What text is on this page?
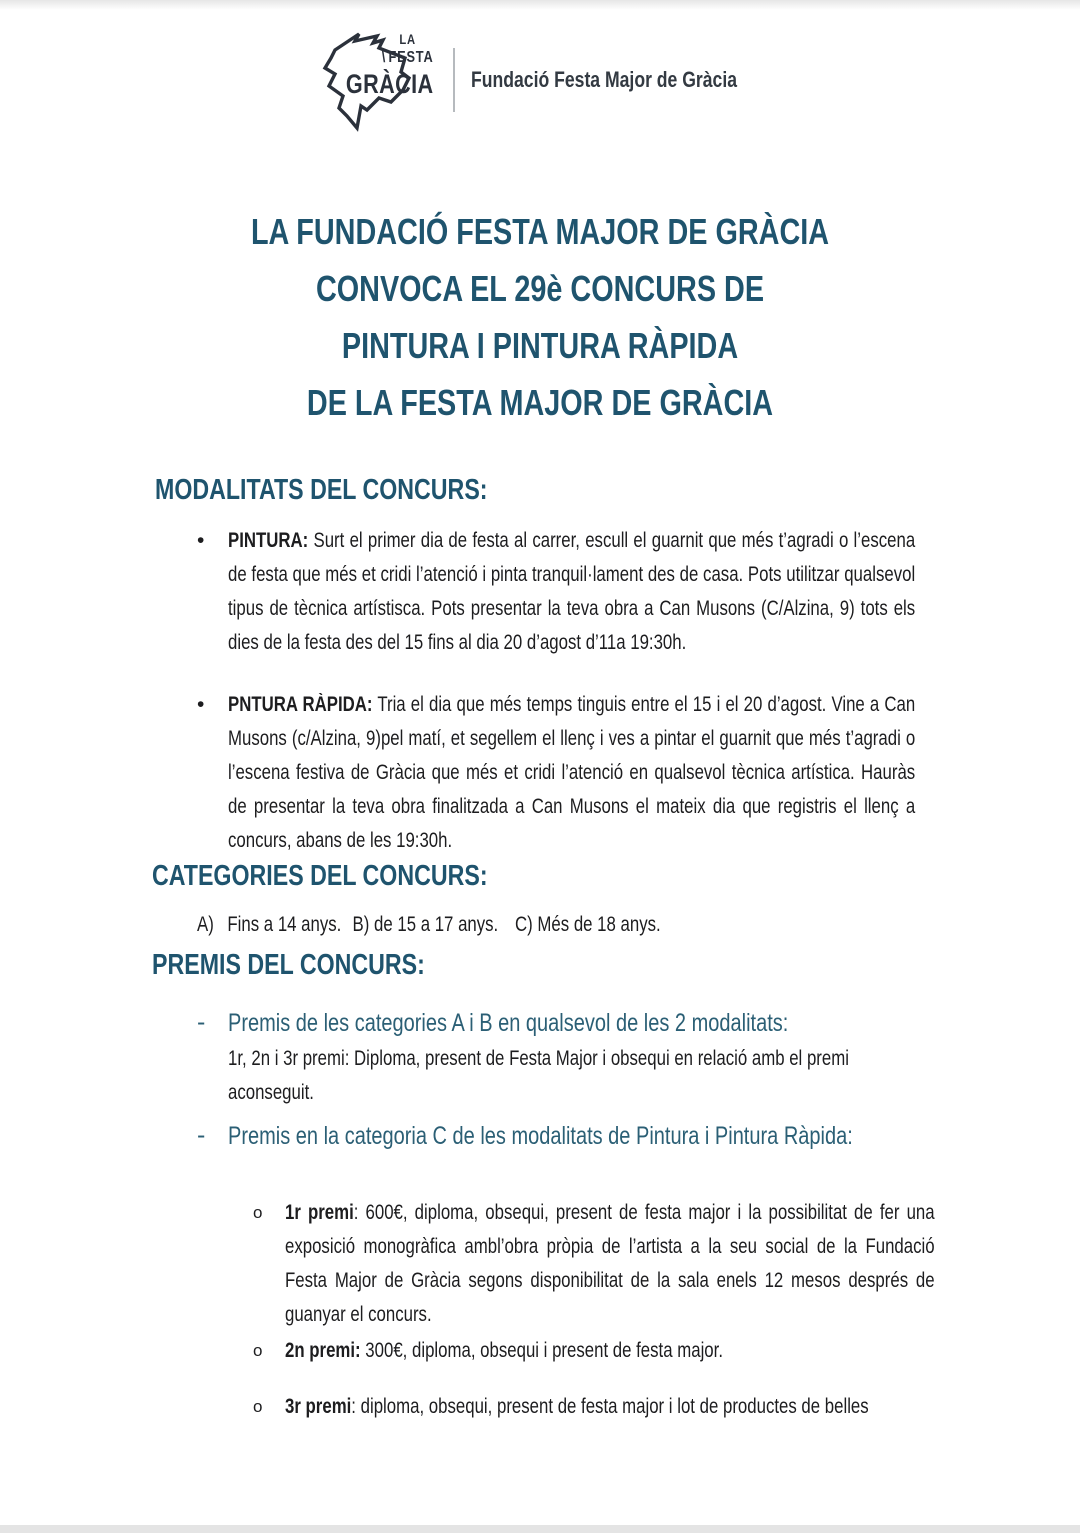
LA
\ FESTA
GRÀCIA Fundació Festa Major de Gràcia
LA FUNDACIÓ FESTA MAJOR DE GRÀCIA
CONVOCA EL 29è CONCURS DE
PINTURA I PINTURA RÀPIDA
DE LA FESTA MAJOR DE GRÀCIA
MODALITATS DEL CONCURS:
•	PINTURA: Surt el primer dia de festa al carrer, escull el guarnit que més t’agradi o l’escena de festa que més et cridi l’atenció i pinta tranquil·lament des de casa. Pots utilitzar qualsevol tipus de tècnica artístisca. Pots presentar la teva obra a Can Musons (C/Alzina, 9) tots els dies de la festa des del 15 fins al dia 20 d’agost d’11a 19:30h.
•	PNTURA RÀPIDA: Tria el dia que més temps tinguis entre el 15 i el 20 d’agost. Vine a Can Musons (c/Alzina, 9)pel matí, et segellem el llenç i ves a pintar el guarnit que més t’agradi o l’escena festiva de Gràcia que més et cridi l’atenció en qualsevol tècnica artística. Hauràs de presentar la teva obra finalitzada a Can Musons el mateix dia que registris el llenç a concurs, abans de les 19:30h.
CATEGORIES DEL CONCURS:
A) Fins a 14 anys. B) de 15 a 17 anys. C) Més de 18 anys.
PREMIS DEL CONCURS:
- Premis de les categories A i B en qualsevol de les 2 modalitats:
1r, 2n i 3r premi: Diploma, present de Festa Major i obsequi en relació amb el premi aconseguit.
- Premis en la categoria C de les modalitats de Pintura i Pintura Ràpida:
o	1r premi: 600€, diploma, obsequi, present de festa major i la possibilitat de fer una exposició monogràfica ambl’obra pròpia de l’artista a la seu social de la Fundació Festa Major de Gràcia segons disponibilitat de la sala enels 12 mesos després de guanyar el concurs.
o	2n premi: 300€, diploma, obsequi i present de festa major.
o	3r premi: diploma, obsequi, present de festa major i lot de productes de belles
